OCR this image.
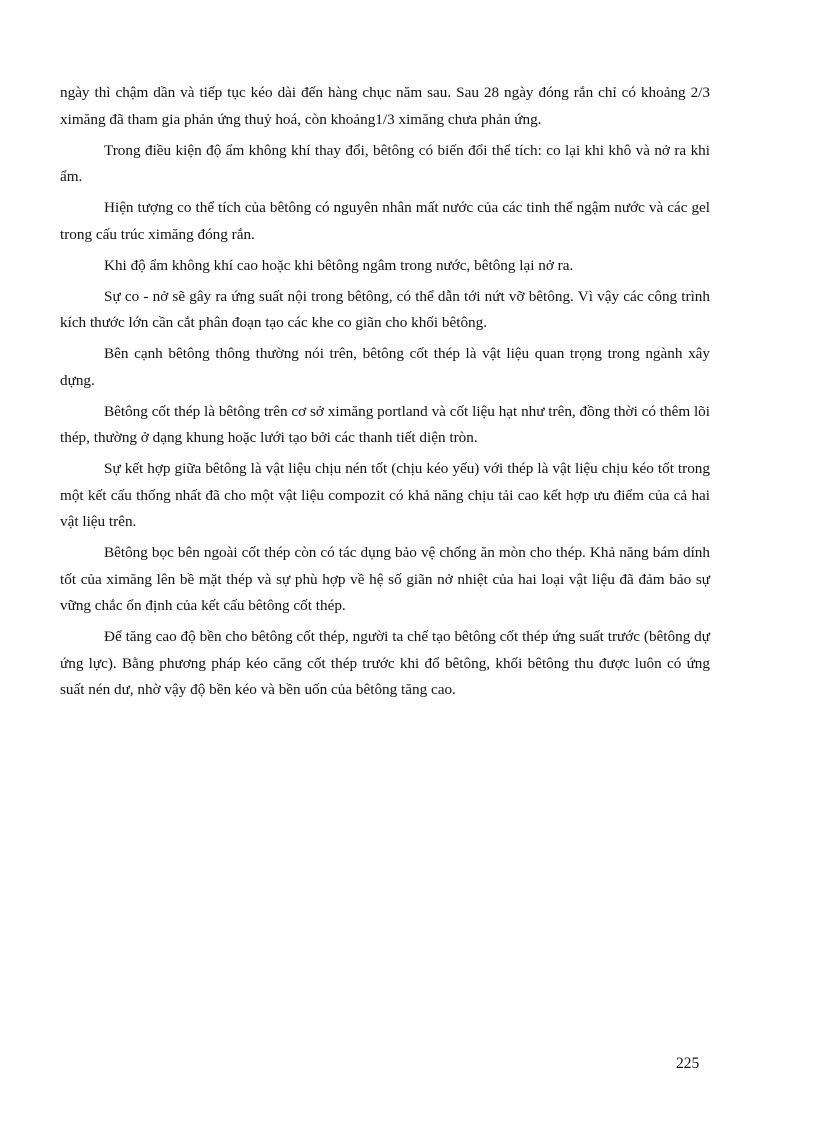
ngày thì chậm dần và tiếp tục kéo dài đến hàng chục năm sau. Sau 28 ngày đóng rắn chỉ có khoảng 2/3 ximăng đã tham gia phản ứng thuỷ hoá, còn khoảng1/3 ximăng chưa phản ứng.

Trong điều kiện độ ẩm không khí thay đổi, bêtông có biến đổi thể tích: co lại khi khô và nở ra khi ẩm.

Hiện tượng co thể tích của bêtông có nguyên nhân mất nước của các tinh thể ngậm nước và các gel trong cấu trúc ximăng đóng rắn.

Khi độ ẩm không khí cao hoặc khi bêtông ngâm trong nước, bêtông lại nở ra.

Sự co - nở sẽ gây ra ứng suất nội trong bêtông, có thể dẫn tới nứt vỡ bêtông. Vì vậy các công trình kích thước lớn cần cắt phân đoạn tạo các khe co giãn cho khối bêtông.

Bên cạnh bêtông thông thường nói trên, bêtông cốt thép là vật liệu quan trọng trong ngành xây dựng.

Bêtông cốt thép là bêtông trên cơ sở ximăng portland và cốt liệu hạt như trên, đồng thời có thêm lõi thép, thường ở dạng khung hoặc lưới tạo bởi các thanh tiết diện tròn.

Sự kết hợp giữa bêtông là vật liệu chịu nén tốt (chịu kéo yếu) với thép là vật liệu chịu kéo tốt trong một kết cấu thống nhất đã cho một vật liệu compozit có khả năng chịu tải cao kết hợp ưu điểm của cả hai vật liệu trên.

Bêtông bọc bên ngoài cốt thép còn có tác dụng bảo vệ chống ăn mòn cho thép. Khả năng bám dính tốt của ximăng lên bề mặt thép và sự phù hợp về hệ số giãn nở nhiệt của hai loại vật liệu đã đảm bảo sự vững chắc ổn định của kết cấu bêtông cốt thép.

Để tăng cao độ bền cho bêtông cốt thép, người ta chế tạo bêtông cốt thép ứng suất trước (bêtông dự ứng lực). Bằng phương pháp kéo căng cốt thép trước khi đổ bêtông, khối bêtông thu được luôn có ứng suất nén dư, nhờ vậy độ bền kéo và bền uốn của bêtông tăng cao.

225
